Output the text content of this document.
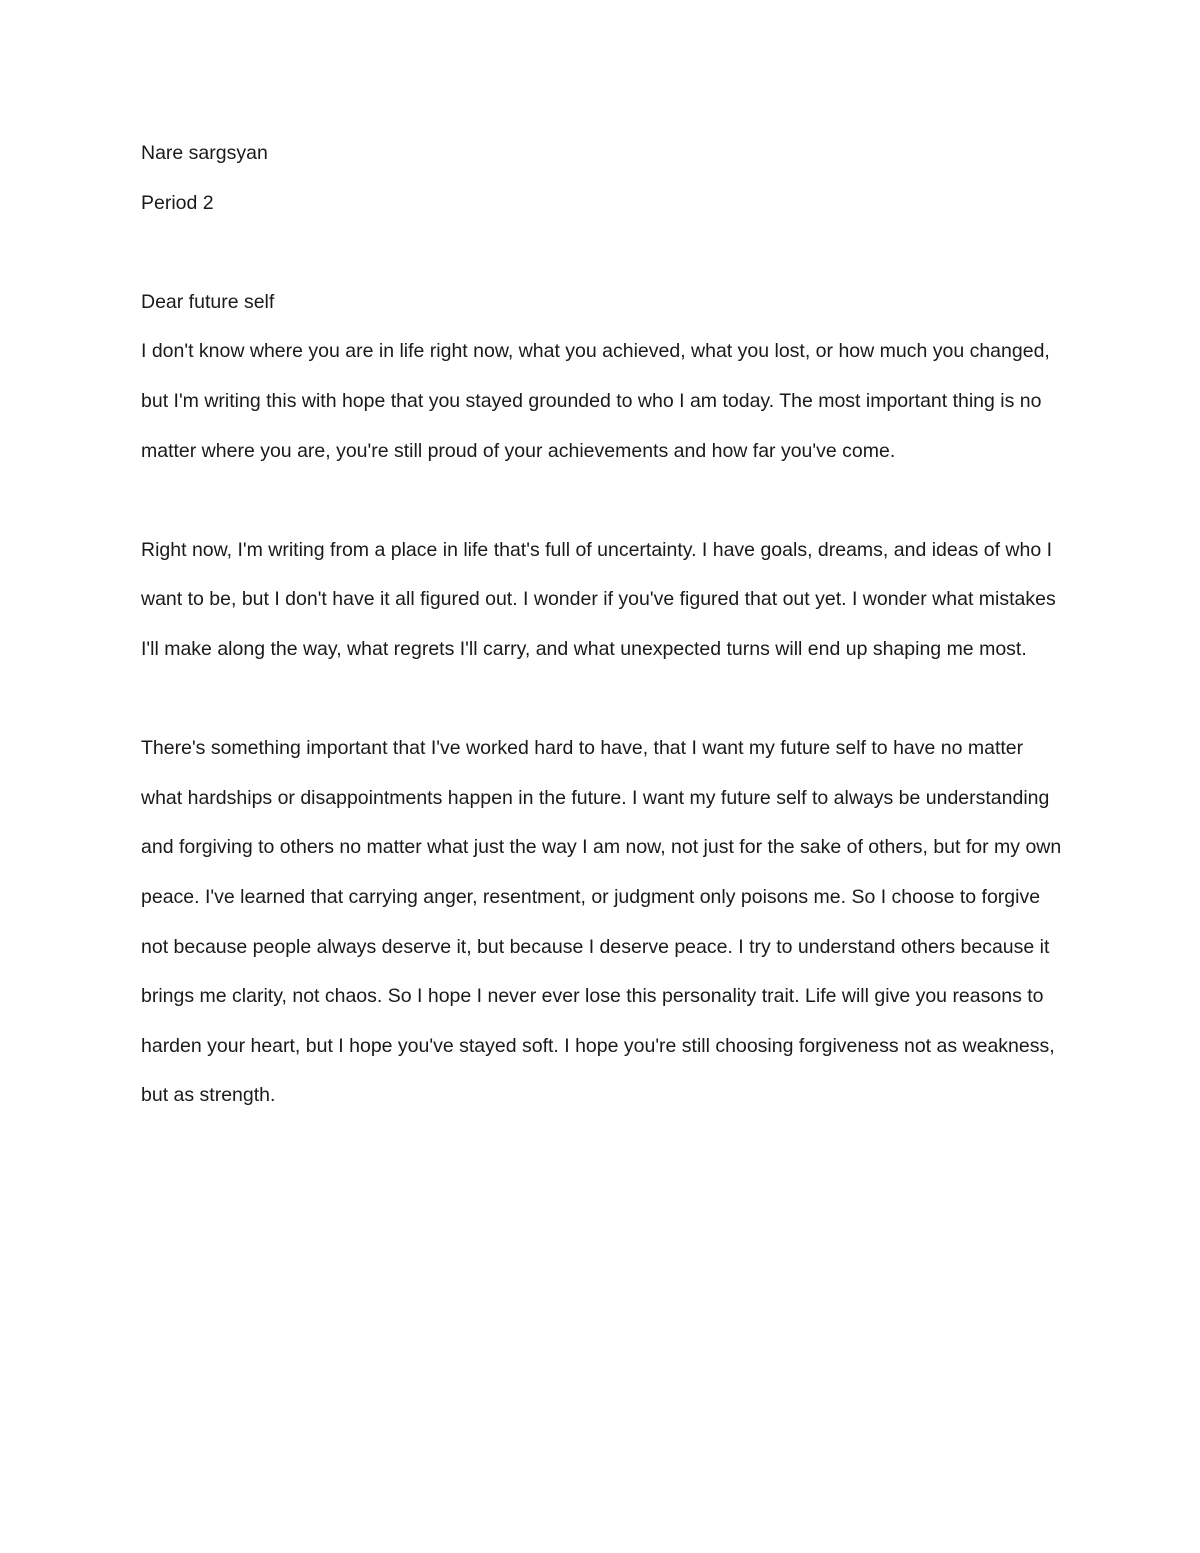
Nare sargsyan

Period 2

Dear future self

I don't know where you are in life right now, what you achieved, what you lost, or how much you changed, but I'm writing this with hope that you stayed grounded to who I am today. The most important thing is no matter where you are, you're still proud of your achievements and how far you've come.

Right now, I'm writing from a place in life that's full of uncertainty. I have goals, dreams, and ideas of who I want to be, but I don't have it all figured out. I wonder if you've figured that out yet. I wonder what mistakes I'll make along the way, what regrets I'll carry, and what unexpected turns will end up shaping me most.

There's something important that I've worked hard to have, that I want my future self to have no matter what hardships or disappointments happen in the future. I want my future self to always be understanding and forgiving to others no matter what just the way I am now, not just for the sake of others, but for my own peace. I've learned that carrying anger, resentment, or judgment only poisons me. So I choose to forgive not because people always deserve it, but because I deserve peace. I try to understand others because it brings me clarity, not chaos. So I hope I never ever lose this personality trait. Life will give you reasons to harden your heart, but I hope you've stayed soft. I hope you're still choosing forgiveness not as weakness, but as strength.
